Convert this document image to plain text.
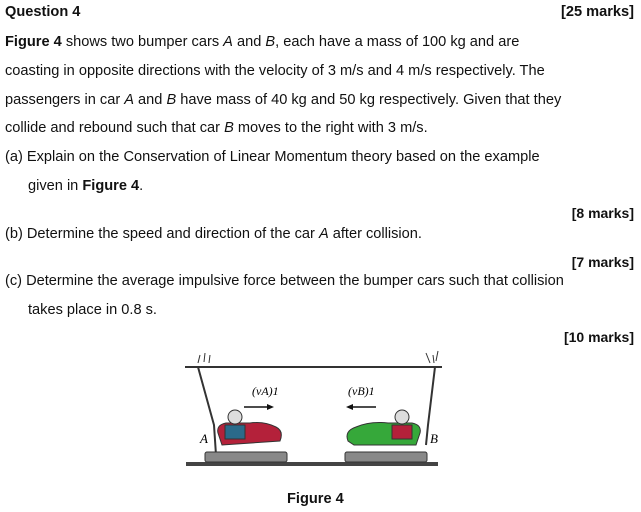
Question 4	[25 marks]
Figure 4 shows two bumper cars A and B, each have a mass of 100 kg and are
coasting in opposite directions with the velocity of 3 m/s and 4 m/s respectively. The
passengers in car A and B have mass of 40 kg and 50 kg respectively. Given that they
collide and rebound such that car B moves to the right with 3 m/s.
(a) Explain on the Conservation of Linear Momentum theory based on the example
given in Figure 4.
[8 marks]
(b) Determine the speed and direction of the car A after collision.
[7 marks]
(c) Determine the average impulsive force between the bumper cars such that collision
takes place in 0.8 s.
[10 marks]
(vA)1	(vB)1
A	B
Figure 4
